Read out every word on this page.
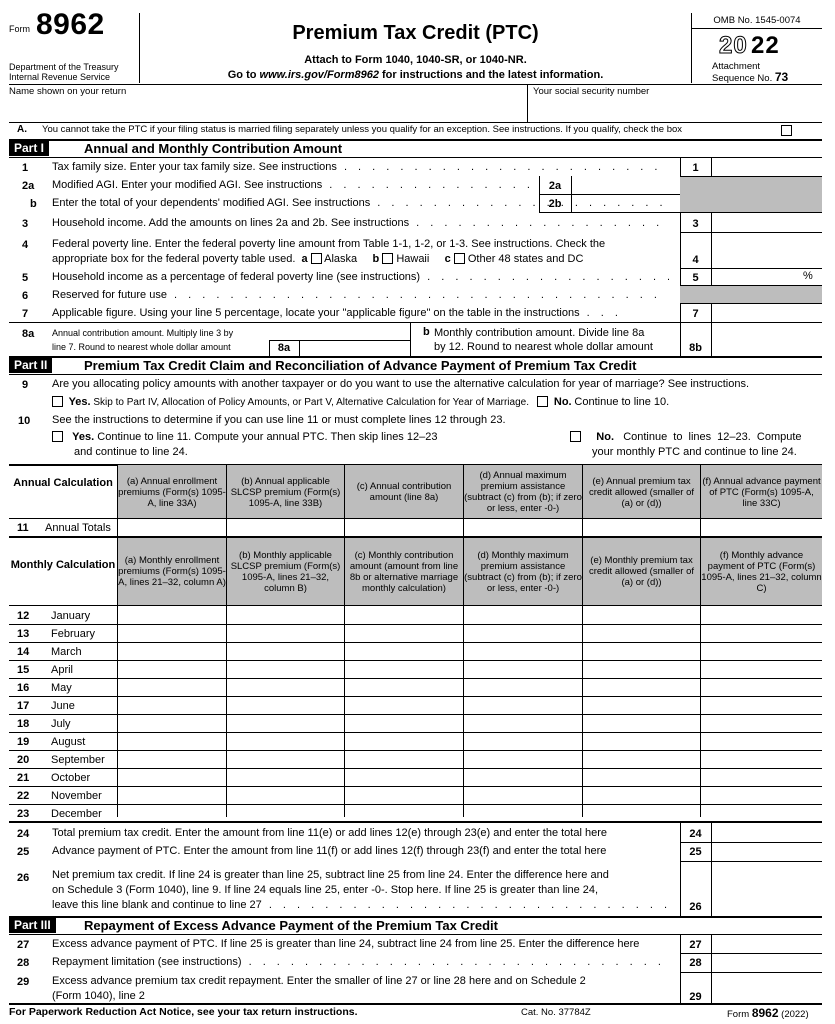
Form 8962
Department of the Treasury
Internal Revenue Service
Premium Tax Credit (PTC)
Attach to Form 1040, 1040-SR, or 1040-NR.
Go to www.irs.gov/Form8962 for instructions and the latest information.
OMB No. 1545-0074
20 22
Attachment
Sequence No. 73
Name shown on your return	Your social security number
A. You cannot take the PTC if your filing status is married filing separately unless you qualify for an exception. See instructions. If you qualify, check the box
Part I	Annual and Monthly Contribution Amount
1 Tax family size. Enter your tax family size. See instructions . . .	1
2a Modified AGI. Enter your modified AGI. See instructions . . .	2a
b Enter the total of your dependents' modified AGI. See instructions . . .	2b
3 Household income. Add the amounts on lines 2a and 2b. See instructions . . .	3
4 Federal poverty line. Enter the federal poverty line amount from Table 1-1, 1-2, or 1-3. See instructions. Check the
appropriate box for the federal poverty table used. a Alaska b Hawaii c Other 48 states and DC	4
5 Household income as a percentage of federal poverty line (see instructions) . . .	5	%
6 Reserved for future use . . . . . .
7 Applicable figure. Using your line 5 percentage, locate your "applicable figure" on the table in the instructions . . .	7
8a Annual contribution amount. Multiply line 3 by
line 7. Round to nearest whole dollar amount	8a
b Monthly contribution amount. Divide line 8a
by 12. Round to nearest whole dollar amount	8b
Part II	Premium Tax Credit Claim and Reconciliation of Advance Payment of Premium Tax Credit
9 Are you allocating policy amounts with another taxpayer or do you want to use the alternative calculation for year of marriage? See instructions.
Yes. Skip to Part IV, Allocation of Policy Amounts, or Part V, Alternative Calculation for Year of Marriage. No. Continue to line 10.
10 See the instructions to determine if you can use line 11 or must complete lines 12 through 23.
Yes. Continue to line 11. Compute your annual PTC. Then skip lines 12–23
and continue to line 24.
No. Continue to lines 12–23. Compute
your monthly PTC and continue to line 24.
Annual Calculation	(a) Annual enrollment premiums (Form(s) 1095-A, line 33A)
(b) Annual applicable SLCSP premium (Form(s) 1095-A, line 33B)
(c) Annual contribution amount (line 8a)
(d) Annual maximum premium assistance (subtract (c) from (b); if zero or less, enter -0-)
(e) Annual premium tax credit allowed (smaller of (a) or (d))
(f) Annual advance payment of PTC (Form(s) 1095-A, line 33C)
11 Annual Totals
Monthly Calculation (a) Monthly enrollment premiums (Form(s) 1095-A, lines 21–32, column A)
(b) Monthly applicable SLCSP premium (Form(s) 1095-A, lines 21–32, column B)
(c) Monthly contribution amount (amount from line 8b or alternative marriage monthly calculation)
(d) Monthly maximum premium assistance (subtract (c) from (b); if zero or less, enter -0-)
(e) Monthly premium tax credit allowed (smaller of (a) or (d))
(f) Monthly advance payment of PTC (Form(s) 1095-A, lines 21–32, column C)
12 January
13 February
14 March
15 April
16 May
17 June
18 July
19 August
20 September
21 October
22 November
23 December
24 Total premium tax credit. Enter the amount from line 11(e) or add lines 12(e) through 23(e) and enter the total here	24
25 Advance payment of PTC. Enter the amount from line 11(f) or add lines 12(f) through 23(f) and enter the total here	25
26 Net premium tax credit. If line 24 is greater than line 25, subtract line 25 from line 24. Enter the difference here and
on Schedule 3 (Form 1040), line 9. If line 24 equals line 25, enter -0-. Stop here. If line 25 is greater than line 24,
leave this line blank and continue to line 27 . . .	26
Part III	Repayment of Excess Advance Payment of the Premium Tax Credit
27 Excess advance payment of PTC. If line 25 is greater than line 24, subtract line 24 from line 25. Enter the difference here	27
28 Repayment limitation (see instructions) . . . . . .	28
29 Excess advance premium tax credit repayment. Enter the smaller of line 27 or line 28 here and on Schedule 2
(Form 1040), line 2	29
For Paperwork Reduction Act Notice, see your tax return instructions.	Cat. No. 37784Z	Form 8962 (2022)
